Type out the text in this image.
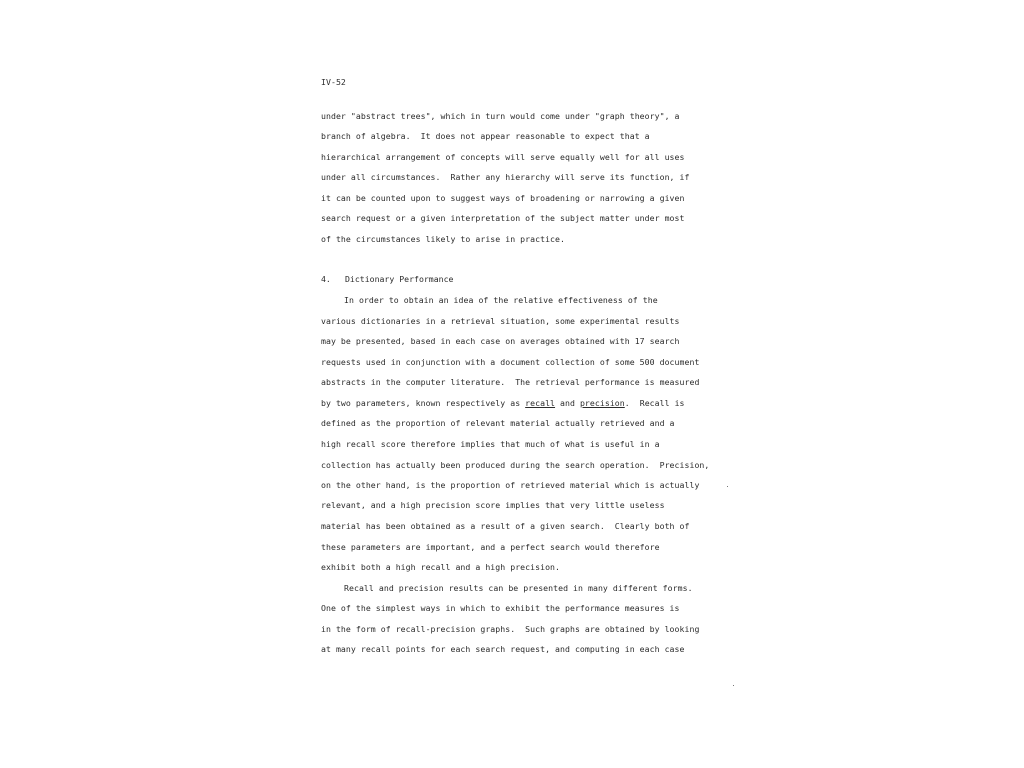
IV-52
under "abstract trees", which in turn would come under "graph theory", a
branch of algebra.  It does not appear reasonable to expect that a
hierarchical arrangement of concepts will serve equally well for all uses
under all circumstances.  Rather any hierarchy will serve its function, if
it can be counted upon to suggest ways of broadening or narrowing a given
search request or a given interpretation of the subject matter under most
of the circumstances likely to arise in practice.
4. Dictionary Performance
In order to obtain an idea of the relative effectiveness of the
various dictionaries in a retrieval situation, some experimental results
may be presented, based in each case on averages obtained with 17 search
requests used in conjunction with a document collection of some 500 document
abstracts in the computer literature.  The retrieval performance is measured
by two parameters, known respectively as recall and precision.  Recall is
defined as the proportion of relevant material actually retrieved and a
high recall score therefore implies that much of what is useful in a
collection has actually been produced during the search operation.  Precision,
on the other hand, is the proportion of retrieved material which is actually
relevant, and a high precision score implies that very little useless
material has been obtained as a result of a given search.  Clearly both of
these parameters are important, and a perfect search would therefore
exhibit both a high recall and a high precision.
Recall and precision results can be presented in many different forms.
One of the simplest ways in which to exhibit the performance measures is
in the form of recall-precision graphs.  Such graphs are obtained by looking
at many recall points for each search request, and computing in each case
